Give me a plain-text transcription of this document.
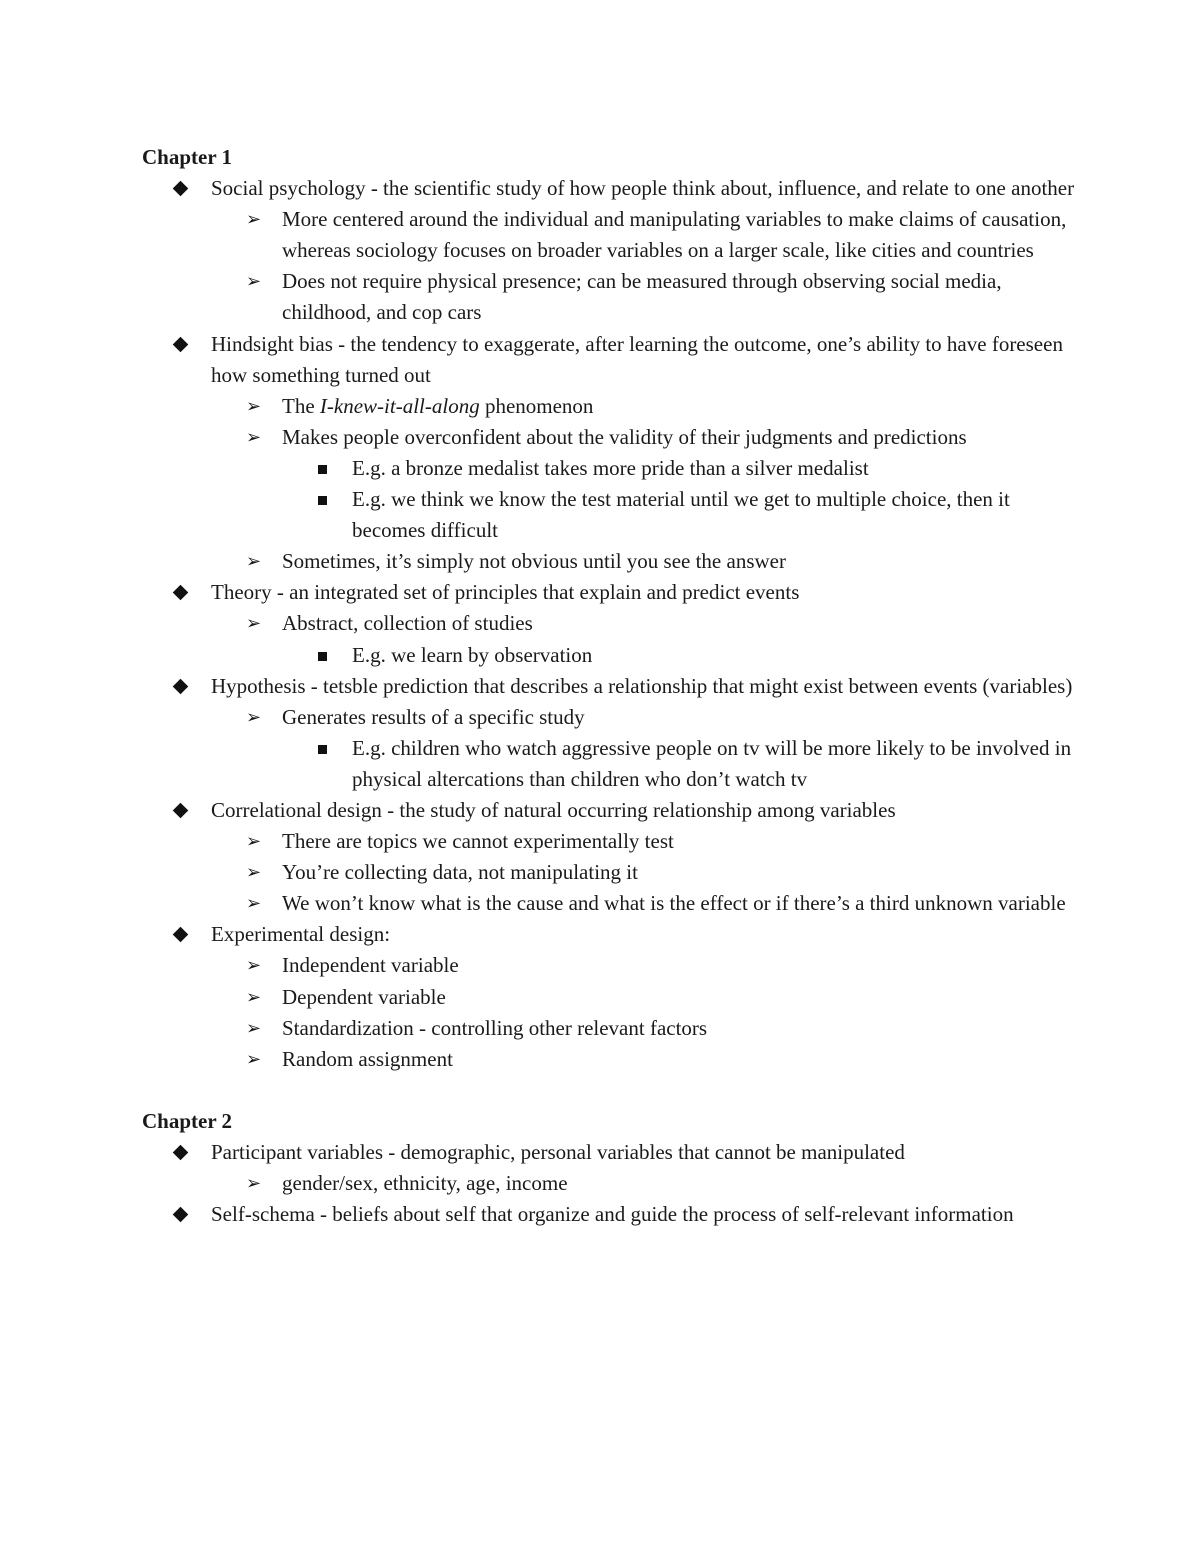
Chapter 1

Social psychology - the scientific study of how people think about, influence, and relate to one another

➢ More centered around the individual and manipulating variables to make claims of causation, whereas sociology focuses on broader variables on a larger scale, like cities and countries

➢ Does not require physical presence; can be measured through observing social media, childhood, and cop cars

Hindsight bias - the tendency to exaggerate, after learning the outcome, one’s ability to have foreseen how something turned out

➢ The I-knew-it-all-along phenomenon

➢ Makes people overconfident about the validity of their judgments and predictions

E.g. a bronze medalist takes more pride than a silver medalist

E.g. we think we know the test material until we get to multiple choice, then it becomes difficult

➢ Sometimes, it’s simply not obvious until you see the answer

Theory - an integrated set of principles that explain and predict events

➢ Abstract, collection of studies

E.g. we learn by observation

Hypothesis - tetsble prediction that describes a relationship that might exist between events (variables)

➢ Generates results of a specific study

E.g. children who watch aggressive people on tv will be more likely to be involved in physical altercations than children who don’t watch tv

Correlational design - the study of natural occurring relationship among variables

➢ There are topics we cannot experimentally test

➢ You’re collecting data, not manipulating it

➢ We won’t know what is the cause and what is the effect or if there’s a third unknown variable

Experimental design:

➢ Independent variable

➢ Dependent variable

➢ Standardization - controlling other relevant factors

➢ Random assignment

Chapter 2

Participant variables - demographic, personal variables that cannot be manipulated

➢ gender/sex, ethnicity, age, income

Self-schema - beliefs about self that organize and guide the process of self-relevant information
